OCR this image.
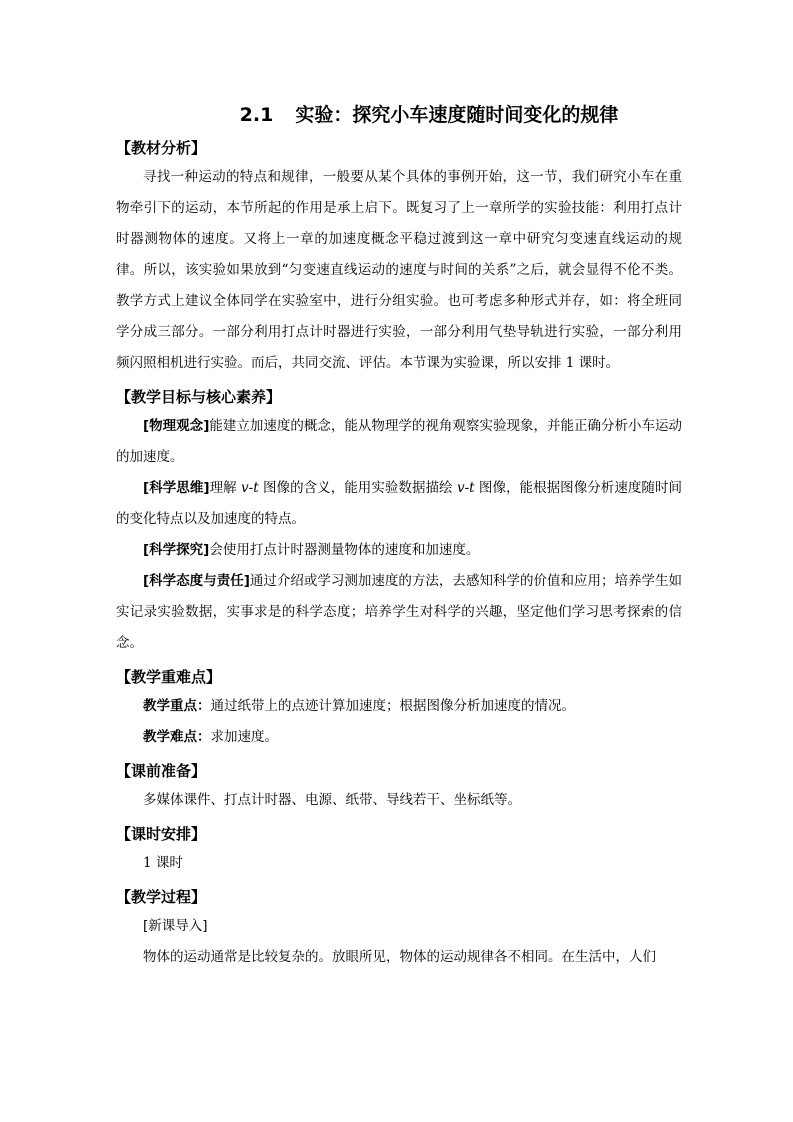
2.1 实验：探究小车速度随时间变化的规律
【教材分析】

寻找一种运动的特点和规律，一般要从某个具体的事例开始，这一节，我们研究小车在重物牵引下的运动，本节所起的作用是承上启下。既复习了上一章所学的实验技能：利用打点计时器测物体的速度。又将上一章的加速度概念平稳过渡到这一章中研究匀变速直线运动的规律。所以，该实验如果放到“匀变速直线运动的速度与时间的关系”之后，就会显得不伦不类。教学方式上建议全体同学在实验室中，进行分组实验。也可考虑多种形式并存，如：将全班同学分成三部分。一部分利用打点计时器进行实验，一部分利用气垫导轨进行实验，一部分利用频闪照相机进行实验。而后，共同交流、评估。本节课为实验课，所以安排 1 课时。

【教学目标与核心素养】

[物理观念]能建立加速度的概念，能从物理学的视角观察实验现象，并能正确分析小车运动的加速度。

[科学思维]理解 v-t 图像的含义，能用实验数据描绘 v-t 图像，能根据图像分析速度随时间的变化特点以及加速度的特点。

[科学探究]会使用打点计时器测量物体的速度和加速度。

[科学态度与责任]通过介绍或学习测加速度的方法，去感知科学的价值和应用；培养学生如实记录实验数据，实事求是的科学态度；培养学生对科学的兴趣，坚定他们学习思考探索的信念。

【教学重难点】

教学重点：通过纸带上的点迹计算加速度；根据图像分析加速度的情况。

教学难点：求加速度。

【课前准备】

多媒体课件、打点计时器、电源、纸带、导线若干、坐标纸等。

【课时安排】

1 课时

【教学过程】
[新课导入]

物体的运动通常是比较复杂的。放眼所见，物体的运动规律各不相同。在生活中，人们
